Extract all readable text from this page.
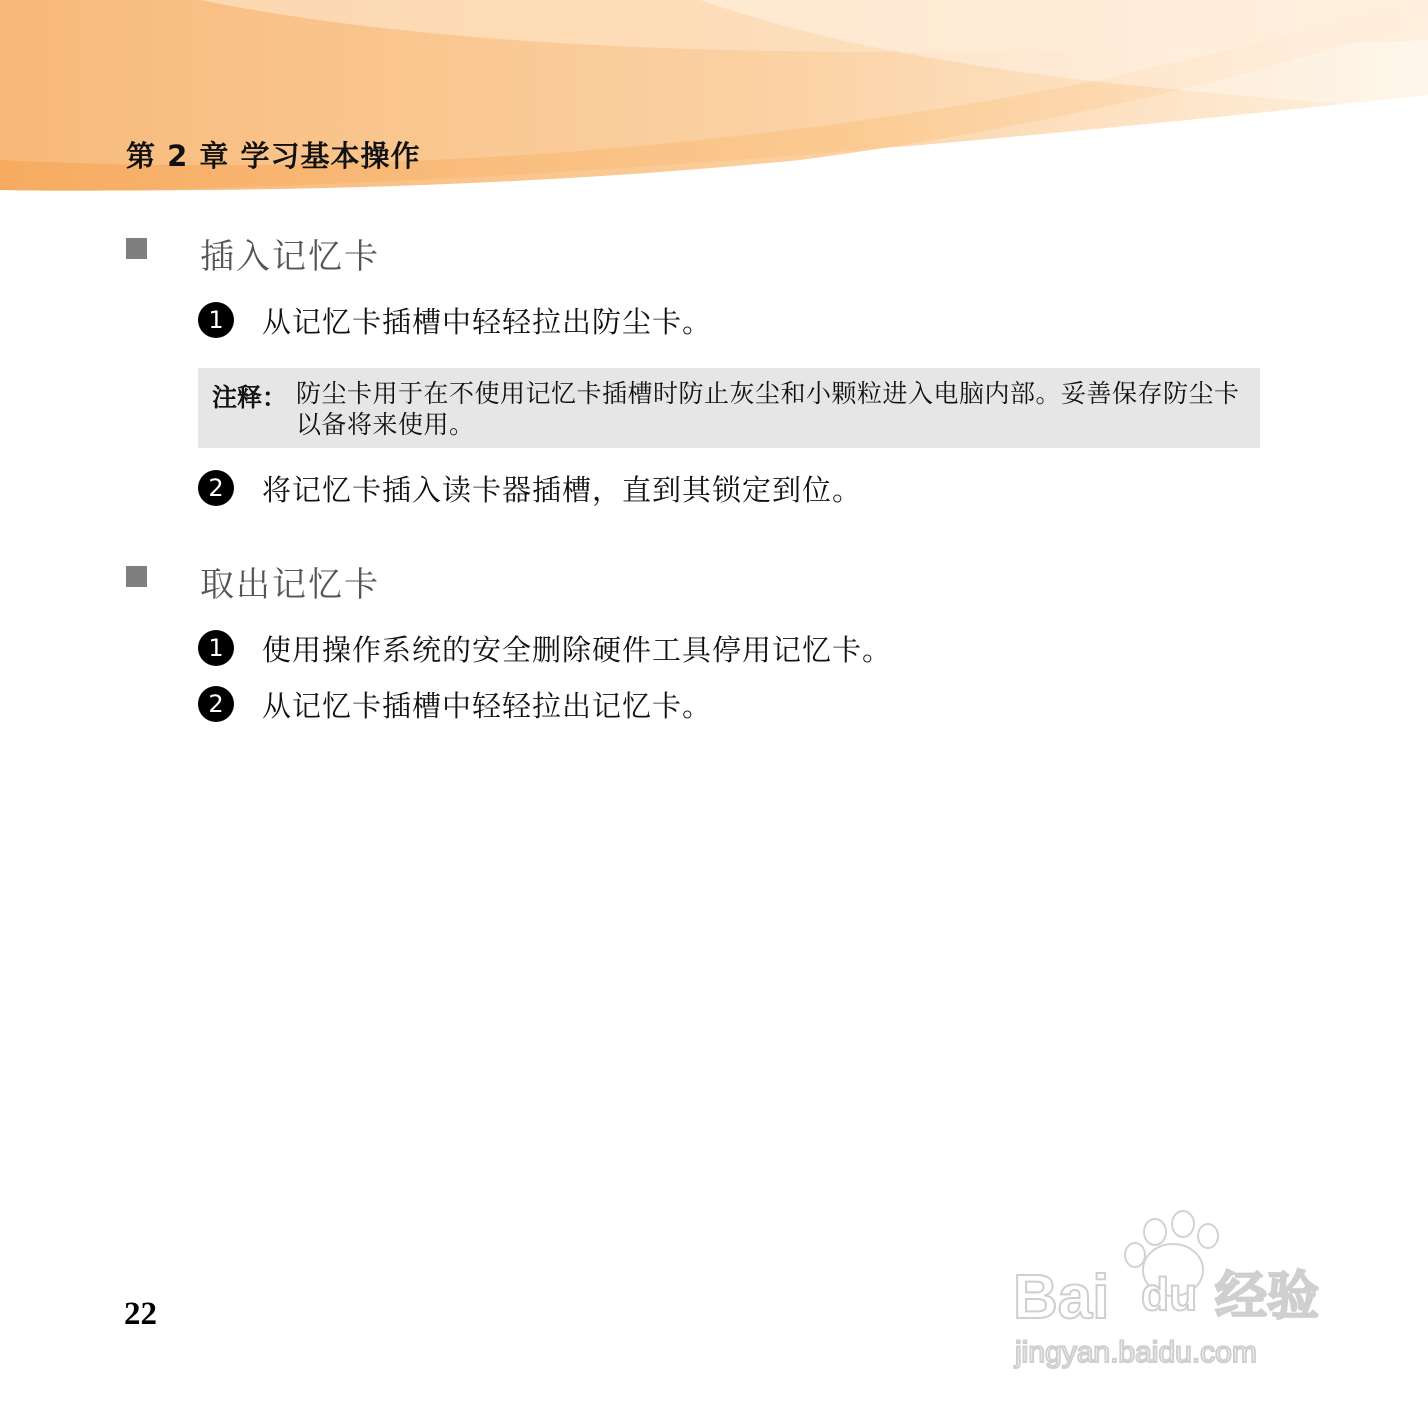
第 2 章 学习基本操作
插入记忆卡
1	从记忆卡插槽中轻轻拉出防尘卡。
注释： 防尘卡用于在不使用记忆卡插槽时防止灰尘和小颗粒进入电脑内部。妥善保存防尘卡以备将来使用。
2	将记忆卡插入读卡器插槽，直到其锁定到位。
取出记忆卡
1	使用操作系统的安全删除硬件工具停用记忆卡。
2	从记忆卡插槽中轻轻拉出记忆卡。
22	Bai du 经验
jingyan.baidu.com
